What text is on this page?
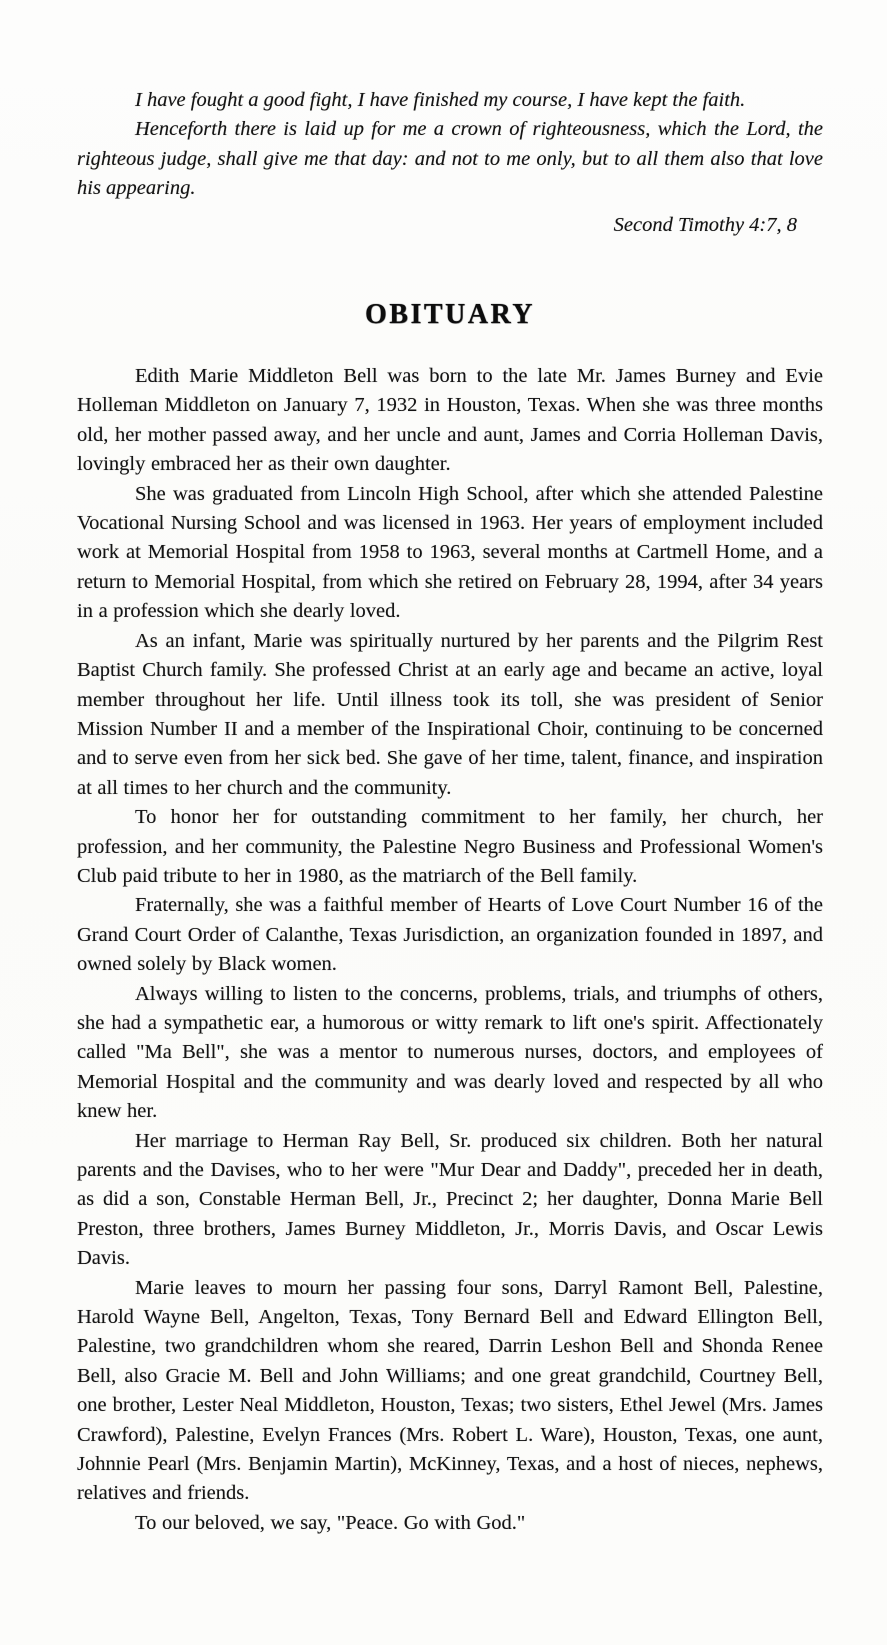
I have fought a good fight, I have finished my course, I have kept the faith.

Henceforth there is laid up for me a crown of righteousness, which the Lord, the righteous judge, shall give me that day: and not to me only, but to all them also that love his appearing.

Second Timothy 4:7, 8

OBITUARY

Edith Marie Middleton Bell was born to the late Mr. James Burney and Evie Holleman Middleton on January 7, 1932 in Houston, Texas. When she was three months old, her mother passed away, and her uncle and aunt, James and Corria Holleman Davis, lovingly embraced her as their own daughter.

She was graduated from Lincoln High School, after which she attended Palestine Vocational Nursing School and was licensed in 1963. Her years of employment included work at Memorial Hospital from 1958 to 1963, several months at Cartmell Home, and a return to Memorial Hospital, from which she retired on February 28, 1994, after 34 years in a profession which she dearly loved.

As an infant, Marie was spiritually nurtured by her parents and the Pilgrim Rest Baptist Church family. She professed Christ at an early age and became an active, loyal member throughout her life. Until illness took its toll, she was president of Senior Mission Number II and a member of the Inspirational Choir, continuing to be concerned and to serve even from her sick bed. She gave of her time, talent, finance, and inspiration at all times to her church and the community.

To honor her for outstanding commitment to her family, her church, her profession, and her community, the Palestine Negro Business and Professional Women's Club paid tribute to her in 1980, as the matriarch of the Bell family.

Fraternally, she was a faithful member of Hearts of Love Court Number 16 of the Grand Court Order of Calanthe, Texas Jurisdiction, an organization founded in 1897, and owned solely by Black women.

Always willing to listen to the concerns, problems, trials, and triumphs of others, she had a sympathetic ear, a humorous or witty remark to lift one's spirit. Affectionately called "Ma Bell", she was a mentor to numerous nurses, doctors, and employees of Memorial Hospital and the community and was dearly loved and respected by all who knew her.

Her marriage to Herman Ray Bell, Sr. produced six children. Both her natural parents and the Davises, who to her were "Mur Dear and Daddy", preceded her in death, as did a son, Constable Herman Bell, Jr., Precinct 2; her daughter, Donna Marie Bell Preston, three brothers, James Burney Middleton, Jr., Morris Davis, and Oscar Lewis Davis.

Marie leaves to mourn her passing four sons, Darryl Ramont Bell, Palestine, Harold Wayne Bell, Angelton, Texas, Tony Bernard Bell and Edward Ellington Bell, Palestine, two grandchildren whom she reared, Darrin Leshon Bell and Shonda Renee Bell, also Gracie M. Bell and John Williams; and one great grandchild, Courtney Bell, one brother, Lester Neal Middleton, Houston, Texas; two sisters, Ethel Jewel (Mrs. James Crawford), Palestine, Evelyn Frances (Mrs. Robert L. Ware), Houston, Texas, one aunt, Johnnie Pearl (Mrs. Benjamin Martin), McKinney, Texas, and a host of nieces, nephews, relatives and friends.

To our beloved, we say, "Peace. Go with God."
